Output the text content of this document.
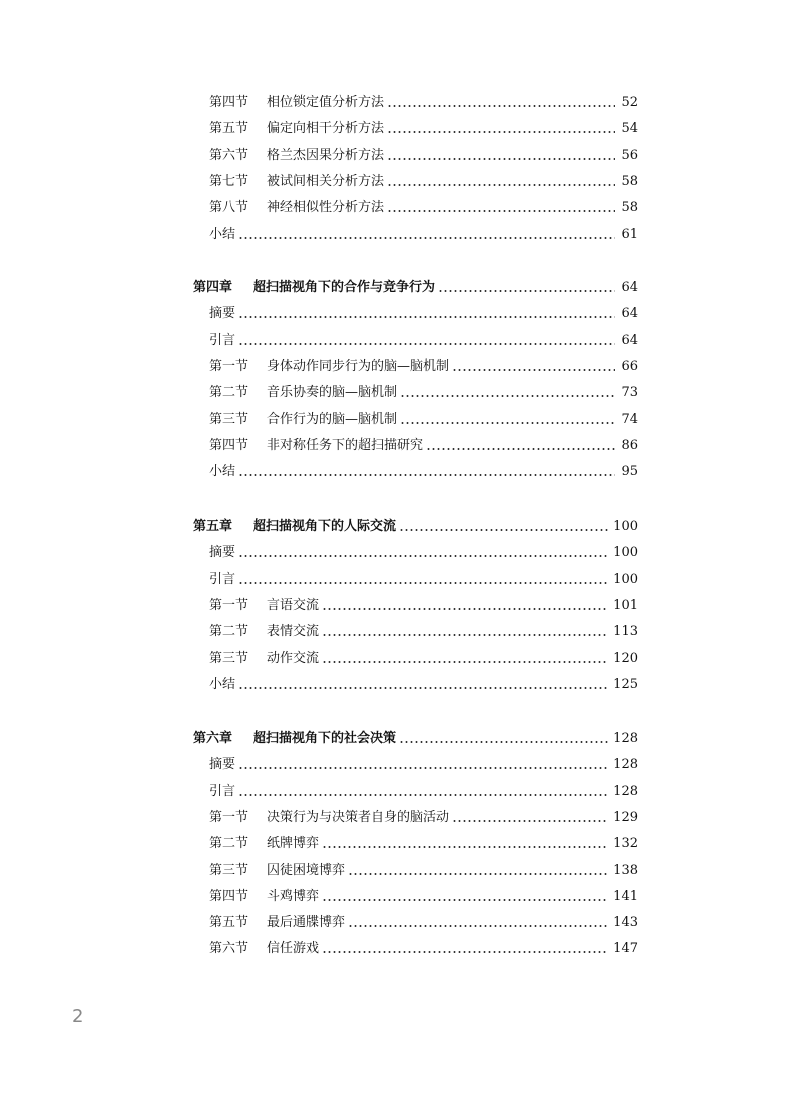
第四节	相位锁定值分析方法	52
第五节	偏定向相干分析方法	54
第六节	格兰杰因果分析方法	56
第七节	被试间相关分析方法	58
第八节	神经相似性分析方法	58
小结	61
第四章	超扫描视角下的合作与竞争行为	64
摘要	64
引言	64
第一节	身体动作同步行为的脑—脑机制	66
第二节	音乐协奏的脑—脑机制	73
第三节	合作行为的脑—脑机制	74
第四节	非对称任务下的超扫描研究	86
小结	95
第五章	超扫描视角下的人际交流	100
摘要	100
引言	100
第一节	言语交流	101
第二节	表情交流	113
第三节	动作交流	120
小结	125
第六章	超扫描视角下的社会决策	128
摘要	128
引言	128
第一节	决策行为与决策者自身的脑活动	129
第二节	纸牌博弈	132
第三节	囚徒困境博弈	138
第四节	斗鸡博弈	141
第五节	最后通牒博弈	143
第六节	信任游戏	147
2
